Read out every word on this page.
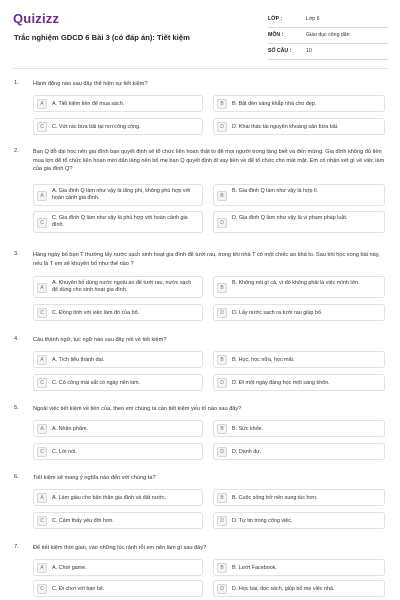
Quizizz
Trắc nghiệm GDCD 6 Bài 3 (có đáp án): Tiết kiệm
LỚP :	Lớp 6
MÔN :	Giáo dục công dân
SỐ CÂU :	10
1.	Hành động nào sau đây thể hiện sự tiết kiệm?
A	A. Tiết kiệm tiền để mua sách.	B	B. Bật đèn sáng khắp nhà cho đẹp.
C	C. Vứt rác bừa bãi tại nơi công cộng.	D	D. Khai thác tài nguyên khoáng sản bừa bãi.
2.	Bạn Q đỗ đại học nên gia đình bạn quyết định sẽ tổ chức liên hoan thật to để mọi người trong làng biết và đến mừng. Gia đình không đủ tiền mua lợn để tổ chức liên hoan mời dân làng nên bố mẹ bạn Q quyết định đi vay tiền về để tổ chức cho mát mặt. Em có nhận xét gì về việc làm của gia đình Q?
A
A. Gia đình Q làm như vậy là lãng phí, không phù hợp với hoàn cảnh gia đình.	B
B. Gia đình Q làm như vậy là hợp lí.
C
C. Gia đình Q làm như vậy là phù hợp với hoàn cảnh gia đình.	D
D. Gia đình Q làm như vậy là vi phạm pháp luật.
3.	Hàng ngày bố bạn T thường lấy nước sạch sinh hoạt gia đình để tưới rau, trong khi nhà T có một chiếc ao khá to. Sau khi học xong bài này, nếu là T em sẽ khuyên bố như thế nào ?
A
A. Khuyên bố dùng nước ngoài ao để tưới rau, nước sạch để dùng cho sinh hoạt gia đình.	B
B. Không nói gì cả, vì đó không phải là việc mình lớn.
C	C. Đồng tình với việc làm đó của bố.	D	D. Lấy nước sạch ra tưới rau giúp bố.
4.	Câu thành ngữ, tục ngữ nào sau đây nói về tiết kiệm?
A	A. Tích tiểu thành đại.	B	B. Học, học nữa, học mãi.
C	C. Có công mài sắt có ngày nên kim.	D	D. Đi một ngày đàng học một sàng khôn.
5.	Ngoài việc tiết kiệm về tiền của, theo em chúng ta cần tiết kiệm yếu tố nào sau đây?
A	A. Nhân phẩm.	B	B. Sức khỏe.
C	C. Lời nói.	D	D. Danh dự.
6.	Tiết kiệm sẽ mang ý nghĩa nào đến với chúng ta?
A	A. Làm giàu cho bản thân gia đình và đất nước.	B	B. Cuộc sống trở nên sung túc hơn.
C	C. Cảm thấy yêu đời hơn.	D	D. Tự tin trong công việc.
7.	Để tiết kiệm thời gian, vào những lúc rảnh rỗi em nên làm gì sau đây?
A	A. Chơi game.	B	B. Lướt Facebook.
C	C. Đi chơi với bạn bè.	D	D. Học bài, đọc sách, giúp bố mẹ việc nhà.
